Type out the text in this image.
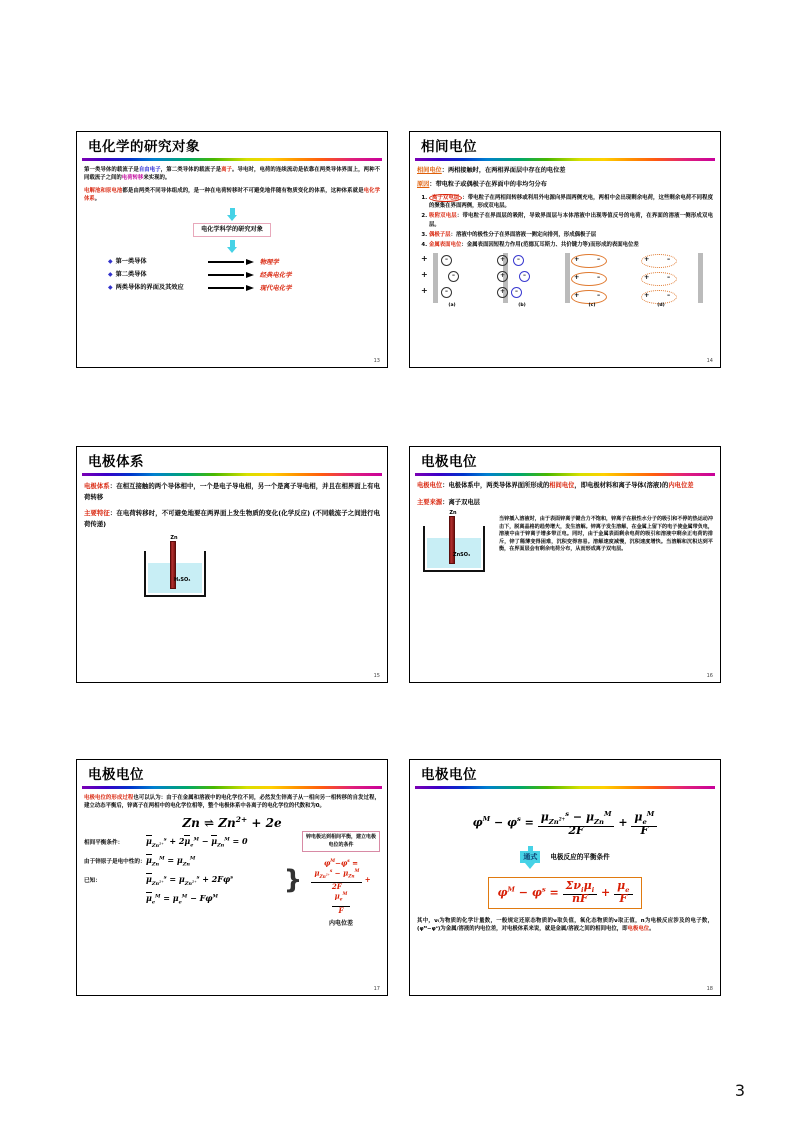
电化学的研究对象
第一类导体的载流子是自由电子，第二类导体的载流子是离子。导电时，电荷的连续流动是依靠在两类导体界面上，两种不同载流子之间的电荷转移来实现的。
电解池和原电池都是由两类不同导体组成的，是一种在电荷转移时不可避免地伴随有物质变化的体系，这种体系就是电化学体系。
电化学科学的研究对象
◆ 第一类导体	物理学
◆ 第二类导体	经典电化学
◆ 两类导体的界面及其效应	现代电化学
13
相间电位
相间电位：两相接触时，在两相界面层中存在的电位差
原因：带电粒子或偶极子在界面中的非均匀分布
1. 离子双电层 ：带电粒子在两相间转移或利用外电源向界面两侧充电，两相中会出现剩余电荷，这些剩余电荷不同程度的聚集在界面两侧，形成双电层。
2. 吸附双电层：带电粒子在界面层的吸附，导致界面层与本体溶液中出现等值反号的电荷，在界面的溶液一侧形成双电层。
3. 偶极子层：溶液中的极性分子在界面溶液一侧定向排列，形成偶极子层
4. 金属表面电位：金属表面因短程力作用(范德瓦耳斯力、共价键力等)而形成的表面电位差
+
+
+
–
–
–
(a)
+
+
+
–
–
–
(b)
+	–
+	–
+	–
(c)
+	–
+	–
+	–
(d)
14
电极体系
电极体系：在相互接触的两个导体相中，一个是电子导电相，另一个是离子导电相，并且在相界面上有电荷转移
主要特征：在电荷转移时，不可避免地要在两界面上发生物质的变化(化学反应) (不同载流子之间进行电荷传递)
Zn
H₂SO₄
15
电极电位
电极电位：电极体系中，两类导体界面所形成的相间电位，即电极材料和离子导体(溶液)的内电位差
主要来源：离子双电层
Zn
ZnSO₄
当锌插入溶液时，由于表面锌离子键合力不饱和，锌离子在极性水分子的吸引和不停的热运动冲击下，脱离晶格的趋势增大，发生溶解。锌离子发生溶解，在金属上留下的电子使金属带负电，溶液中由于锌离子增多带正电。同时，由于金属表面剩余电荷的吸引和溶液中剩余正电荷的排斥，锌了稀薄变得困难，沉积变得容易。溶解速度减慢，沉积速度增快。当溶解和沉积达到平衡，在界面层会有剩余电荷分布，从而形成离子双电层。
16
电极电位
电极电位的形成过程也可以认为：由于在金属和溶液中的电化学位不同，必然发生锌离子从一相向另一相转移的自发过程，建立动态平衡后，锌离子在两相中的电化学位相等，整个电极体系中各离子的电化学位的代数和为0。
Zn ⇌ $Zn^{2+} + 2e$
相间平衡条件：	$\mu_{Zn^{2+}}^s + 2\mu_e^M - \mu_{Zn}^M = 0$
由于锌原子是电中性的： $\mu_{Zn}^M = \mu_{Zn}^M$
已知：	$\mu_{Zn^{2+}}^s = \mu_{Zn^{2+}}^s + 2F\varphi^s$
$\mu_e^M = \mu_e^M - F\varphi^M$
}
锌电极达到相间平衡，建立电极电位的条件
$\varphi^M-\varphi^s$ =

$\frac{\mu_{Zn^{2+}}^s - \mu_{Zn}^M}{2F}$ +
$\frac{\mu_e^M}{F}$
内电位差
17
电极电位
$\varphi^M - \varphi^s = \frac{\mu_{Zn^{2+}}^s - \mu_{Zn}^M}{2F} + \frac{\mu_e^M}{F}$
通式	电极反应的平衡条件
$\varphi^M - \varphi^s = \frac{\Sigma\nu_i\mu_i}{nF} + \frac{\mu_e}{F}$
其中，νᵢ为物质的化学计量数，一般规定还原态物质的ν取负值，氧化态物质的ν取正值，n为电极反应涉及的电子数，(φᴹ−φˢ)为金属/溶液的内电位差，对电极体系来说，就是金属/溶液之间的相间电位，即电极电位。
18
3
